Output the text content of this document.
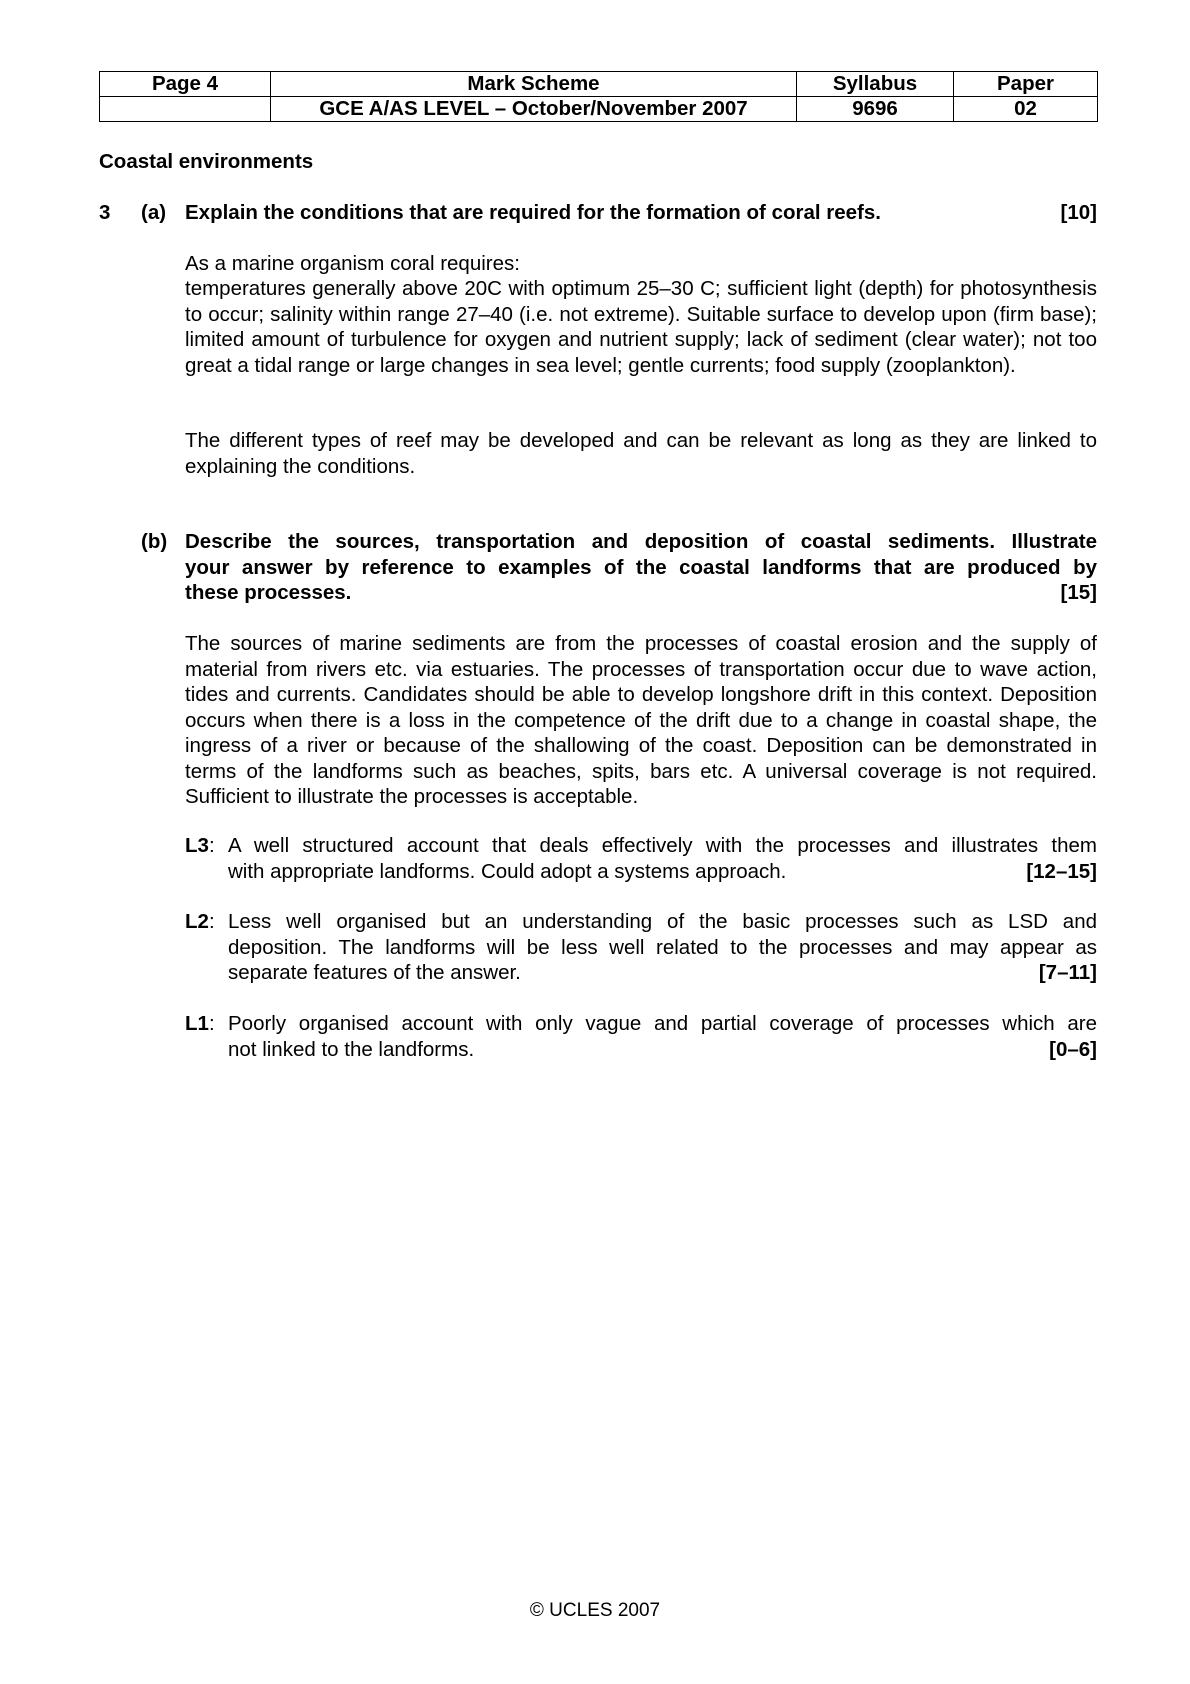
Page 4	Mark Scheme	Syllabus	Paper
	GCE A/AS LEVEL – October/November 2007	9696	02
Coastal environments
3 (a) Explain the conditions that are required for the formation of coral reefs.	[10]
As a marine organism coral requires:
temperatures generally above 20C with optimum 25–30 C; sufficient light (depth) for photosynthesis to occur; salinity within range 27–40 (i.e. not extreme). Suitable surface to develop upon (firm base); limited amount of turbulence for oxygen and nutrient supply; lack of sediment (clear water); not too great a tidal range or large changes in sea level; gentle currents; food supply (zooplankton).
The different types of reef may be developed and can be relevant as long as they are linked to explaining the conditions.
(b) Describe the sources, transportation and deposition of coastal sediments. Illustrate
your answer by reference to examples of the coastal landforms that are produced by
these processes.	[15]
The sources of marine sediments are from the processes of coastal erosion and the supply of material from rivers etc. via estuaries. The processes of transportation occur due to wave action, tides and currents. Candidates should be able to develop longshore drift in this context. Deposition occurs when there is a loss in the competence of the drift due to a change in coastal shape, the ingress of a river or because of the shallowing of the coast. Deposition can be demonstrated in terms of the landforms such as beaches, spits, bars etc. A universal coverage is not required. Sufficient to illustrate the processes is acceptable.
L3: A well structured account that deals effectively with the processes and illustrates them
with appropriate landforms. Could adopt a systems approach.	[12–15]
L2: Less well organised but an understanding of the basic processes such as LSD and
deposition. The landforms will be less well related to the processes and may appear as
separate features of the answer.	[7–11]
L1: Poorly organised account with only vague and partial coverage of processes which are
not linked to the landforms.	[0–6]
© UCLES 2007
